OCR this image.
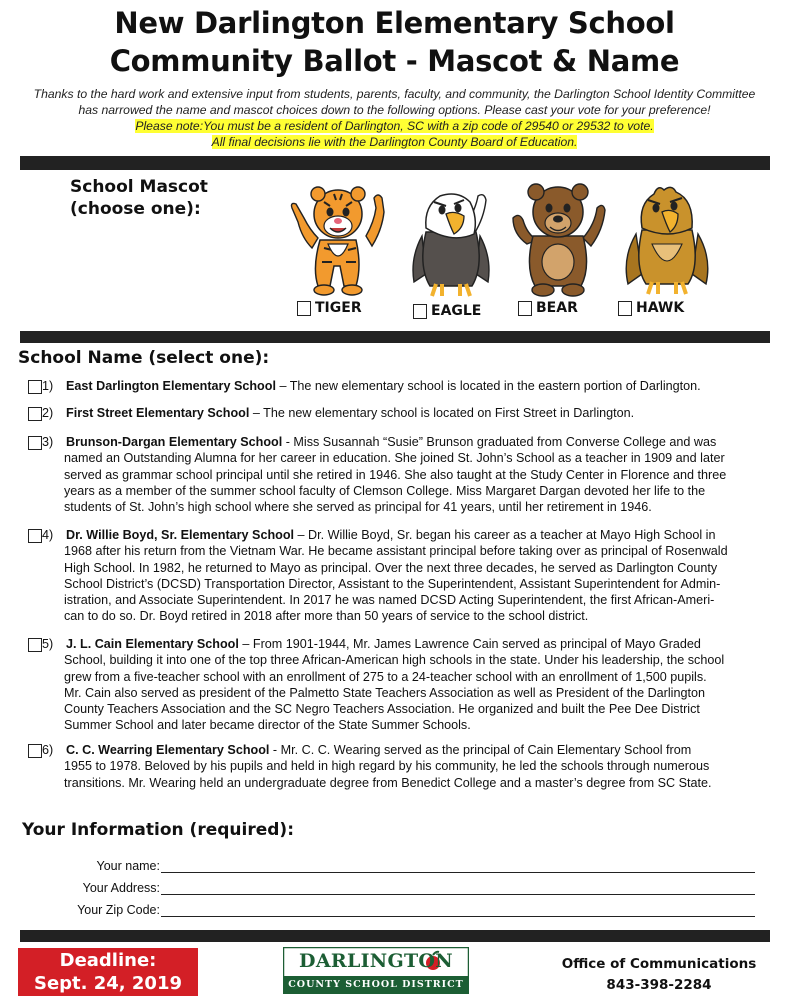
New Darlington Elementary School
Community Ballot - Mascot & Name
Thanks to the hard work and extensive input from students, parents, faculty, and community, the Darlington School Identity Committee
has narrowed the name and mascot choices down to the following options. Please cast your vote for your preference!
Please note:You must be a resident of Darlington, SC with a zip code of 29540 or 29532 to vote.
All final decisions lie with the Darlington County Board of Education.
School Mascot
(choose one):
TIGER	EAGLE	BEAR	HAWK
School Name (select one):
1)	East Darlington Elementary School – The new elementary school is located in the eastern portion of Darlington.

2)	First Street Elementary School – The new elementary school is located on First Street in Darlington.

3)	Brunson-Dargan Elementary School - Miss Susannah “Susie” Brunson graduated from Converse College and was

named an Outstanding Alumna for her career in education. She joined St. John’s School as a teacher in 1909 and later

served as grammar school principal until she retired in 1946. She also taught at the Study Center in Florence and three

years as a member of the summer school faculty of Clemson College. Miss Margaret Dargan devoted her life to the

students of St. John’s high school where she served as principal for 41 years, until her retirement in 1946.

4)	Dr. Willie Boyd, Sr. Elementary School – Dr. Willie Boyd, Sr. began his career as a teacher at Mayo High School in

1968 after his return from the Vietnam War. He became assistant principal before taking over as principal of Rosenwald

High School. In 1982, he returned to Mayo as principal. Over the next three decades, he served as Darlington County

School District’s (DCSD) Transportation Director, Assistant to the Superintendent, Assistant Superintendent for Admin-

istration, and Associate Superintendent. In 2017 he was named DCSD Acting Superintendent, the first African-Ameri-

can to do so. Dr. Boyd retired in 2018 after more than 50 years of service to the school district.

5)	J. L. Cain Elementary School – From 1901-1944, Mr. James Lawrence Cain served as principal of Mayo Graded

School, building it into one of the top three African-American high schools in the state. Under his leadership, the school

grew from a five-teacher school with an enrollment of 275 to a 24-teacher school with an enrollment of 1,500 pupils.

Mr. Cain also served as president of the Palmetto State Teachers Association as well as President of the Darlington

County Teachers Association and the SC Negro Teachers Association. He organized and built the Pee Dee District

Summer School and later became director of the State Summer Schools.

6)	C. C. Wearring Elementary School - Mr. C. C. Wearing served as the principal of Cain Elementary School from

1955 to 1978. Beloved by his pupils and held in high regard by his community, he led the schools through numerous

transitions. Mr. Wearing held an undergraduate degree from Benedict College and a master’s degree from SC State.

Your Information (required):
Your name:
Your Address:
Your Zip Code:
Deadline:
Sept. 24, 2019
DARLINGTON
COUNTY SCHOOL DISTRICT
Office of Communications
843-398-2284
